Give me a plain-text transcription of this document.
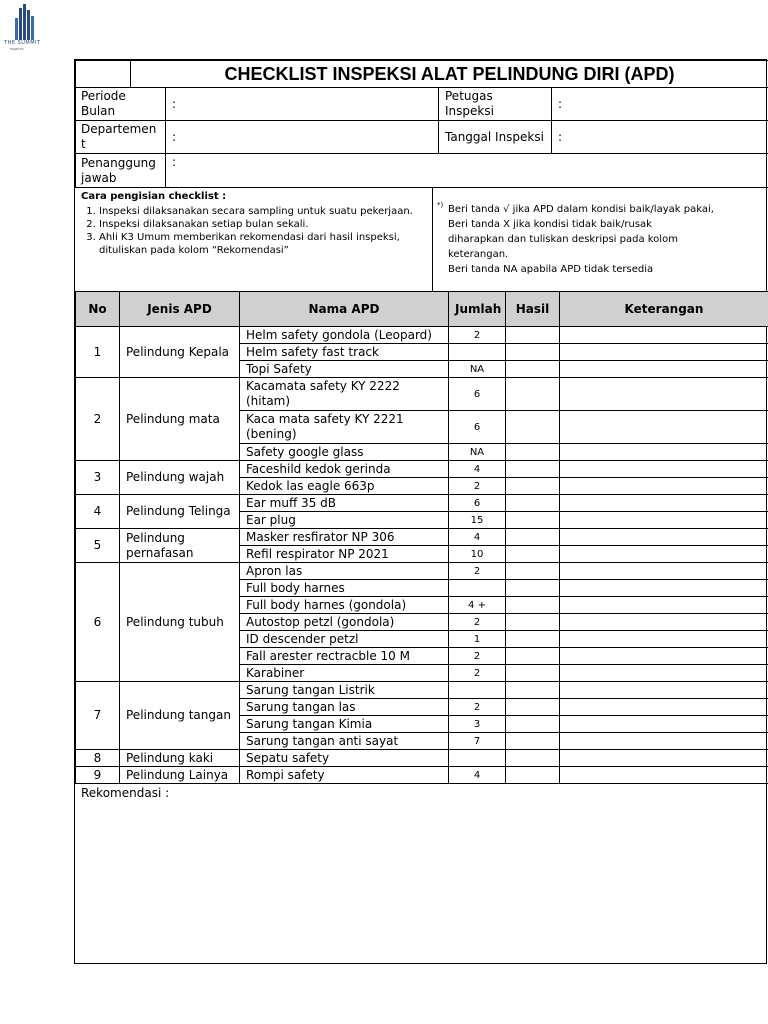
THE SUMMIT
MAJESTIC
	CHECKLIST INSPEKSI ALAT PELINDUNG DIRI (APD)			
Periode Bulan		:	Petugas Inspeksi	:
Departemen t		:	Tanggal Inspeksi	:
Penanggung jawab		:		
Cara pengisian checklist :
1. Inspeksi dilaksanakan secara sampling untuk suatu pekerjaan.
2. Inspeksi dilaksanakan setiap bulan sekali.
3. Ahli K3 Umum memberikan rekomendasi dari hasil inspeksi, dituliskan pada kolom “Rekomendasi”
*) Beri tanda √ jika APD dalam kondisi baik/layak pakai,
Beri tanda X jika kondisi tidak baik/rusak
diharapkan dan tuliskan deskripsi pada kolom
keterangan.
Beri tanda NA apabila APD tidak tersedia
No	Jenis APD	Nama APD	Jumlah	Hasil	Keterangan
1	Pelindung Kepala	Helm safety gondola (Leopard)	2		
		Helm safety fast track			
		Topi Safety	NA		
2	Pelindung mata	Kacamata safety KY 2222 (hitam)	6		
		Kaca mata safety KY 2221 (bening)	6		
		Safety google glass	NA		
3	Pelindung wajah	Faceshild kedok gerinda	4		
		Kedok las eagle 663p	2		
4	Pelindung Telinga	Ear muff 35 dB	6		
		Ear plug	15		
5	Pelindung pernafasan	Masker resfirator NP 306	4		
		Refil respirator NP 2021	10		
6	Pelindung tubuh	Apron las	2		
		Full body harnes			
		Full body harnes (gondola)	4 +		
		Autostop petzl (gondola)	2		
		ID descender petzl	1		
		Fall arester rectracble 10 M	2		
		Karabiner	2		
7	Pelindung tangan	Sarung tangan Listrik			
		Sarung tangan las	2		
		Sarung tangan Kimia	3		
		Sarung tangan anti sayat	7		
8	Pelindung kaki	Sepatu safety			
9	Pelindung Lainya	Rompi safety	4		
Rekomendasi :
